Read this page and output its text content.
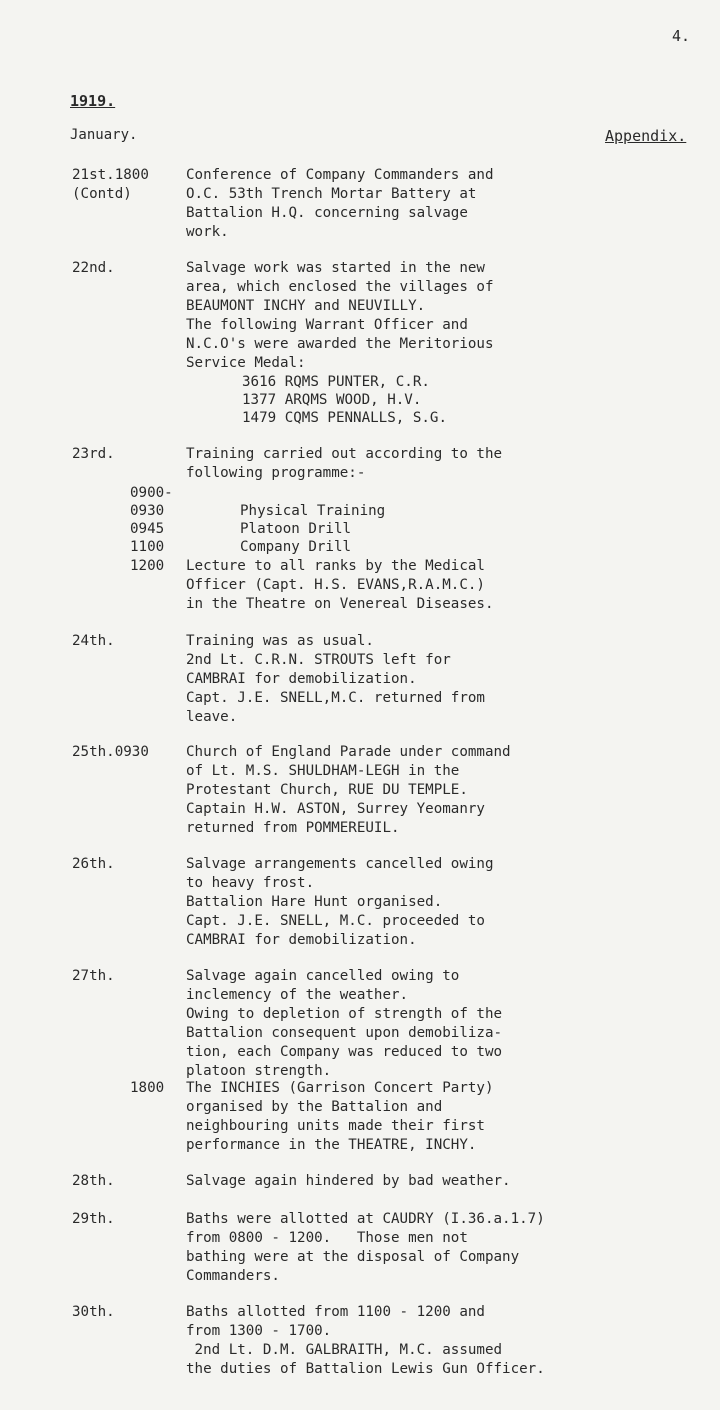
4.
1919.
January.	Appendix.
21st.1800
(Contd)
Conference of Company Commanders and
O.C. 53th Trench Mortar Battery at
Battalion H.Q. concerning salvage
work.
22nd.	Salvage work was started in the new
area, which enclosed the villages of
BEAUMONT INCHY and NEUVILLY.
The following Warrant Officer and
N.C.O's were awarded the Meritorious
Service Medal:
3616 RQMS PUNTER, C.R.
1377 ARQMS WOOD, H.V.
1479 CQMS PENNALLS, S.G.
23rd.	Training carried out according to the
following programme:-
0900-
0930	Physical Training
0945	Platoon Drill
1100	Company Drill
1200 Lecture to all ranks by the Medical
Officer (Capt. H.S. EVANS,R.A.M.C.)
in the Theatre on Venereal Diseases.
24th.	Training was as usual.
2nd Lt. C.R.N. STROUTS left for
CAMBRAI for demobilization.
Capt. J.E. SNELL,M.C. returned from
leave.
25th.0930	Church of England Parade under command
of Lt. M.S. SHULDHAM-LEGH in the
Protestant Church, RUE DU TEMPLE.
Captain H.W. ASTON, Surrey Yeomanry
returned from POMMEREUIL.
26th.	Salvage arrangements cancelled owing
to heavy frost.
Battalion Hare Hunt organised.
Capt. J.E. SNELL, M.C. proceeded to
CAMBRAI for demobilization.
27th.	Salvage again cancelled owing to
inclemency of the weather.
Owing to depletion of strength of the
Battalion consequent upon demobiliza-
tion, each Company was reduced to two
platoon strength.
1800 The INCHIES (Garrison Concert Party)
organised by the Battalion and
neighbouring units made their first
performance in the THEATRE, INCHY.
28th.	Salvage again hindered by bad weather.
29th.	Baths were allotted at CAUDRY (I.36.a.1.7)
from 0800 - 1200.   Those men not
bathing were at the disposal of Company
Commanders.
30th.	Baths allotted from 1100 - 1200 and
from 1300 - 1700.
2nd Lt. D.M. GALBRAITH, M.C. assumed
the duties of Battalion Lewis Gun Officer.
